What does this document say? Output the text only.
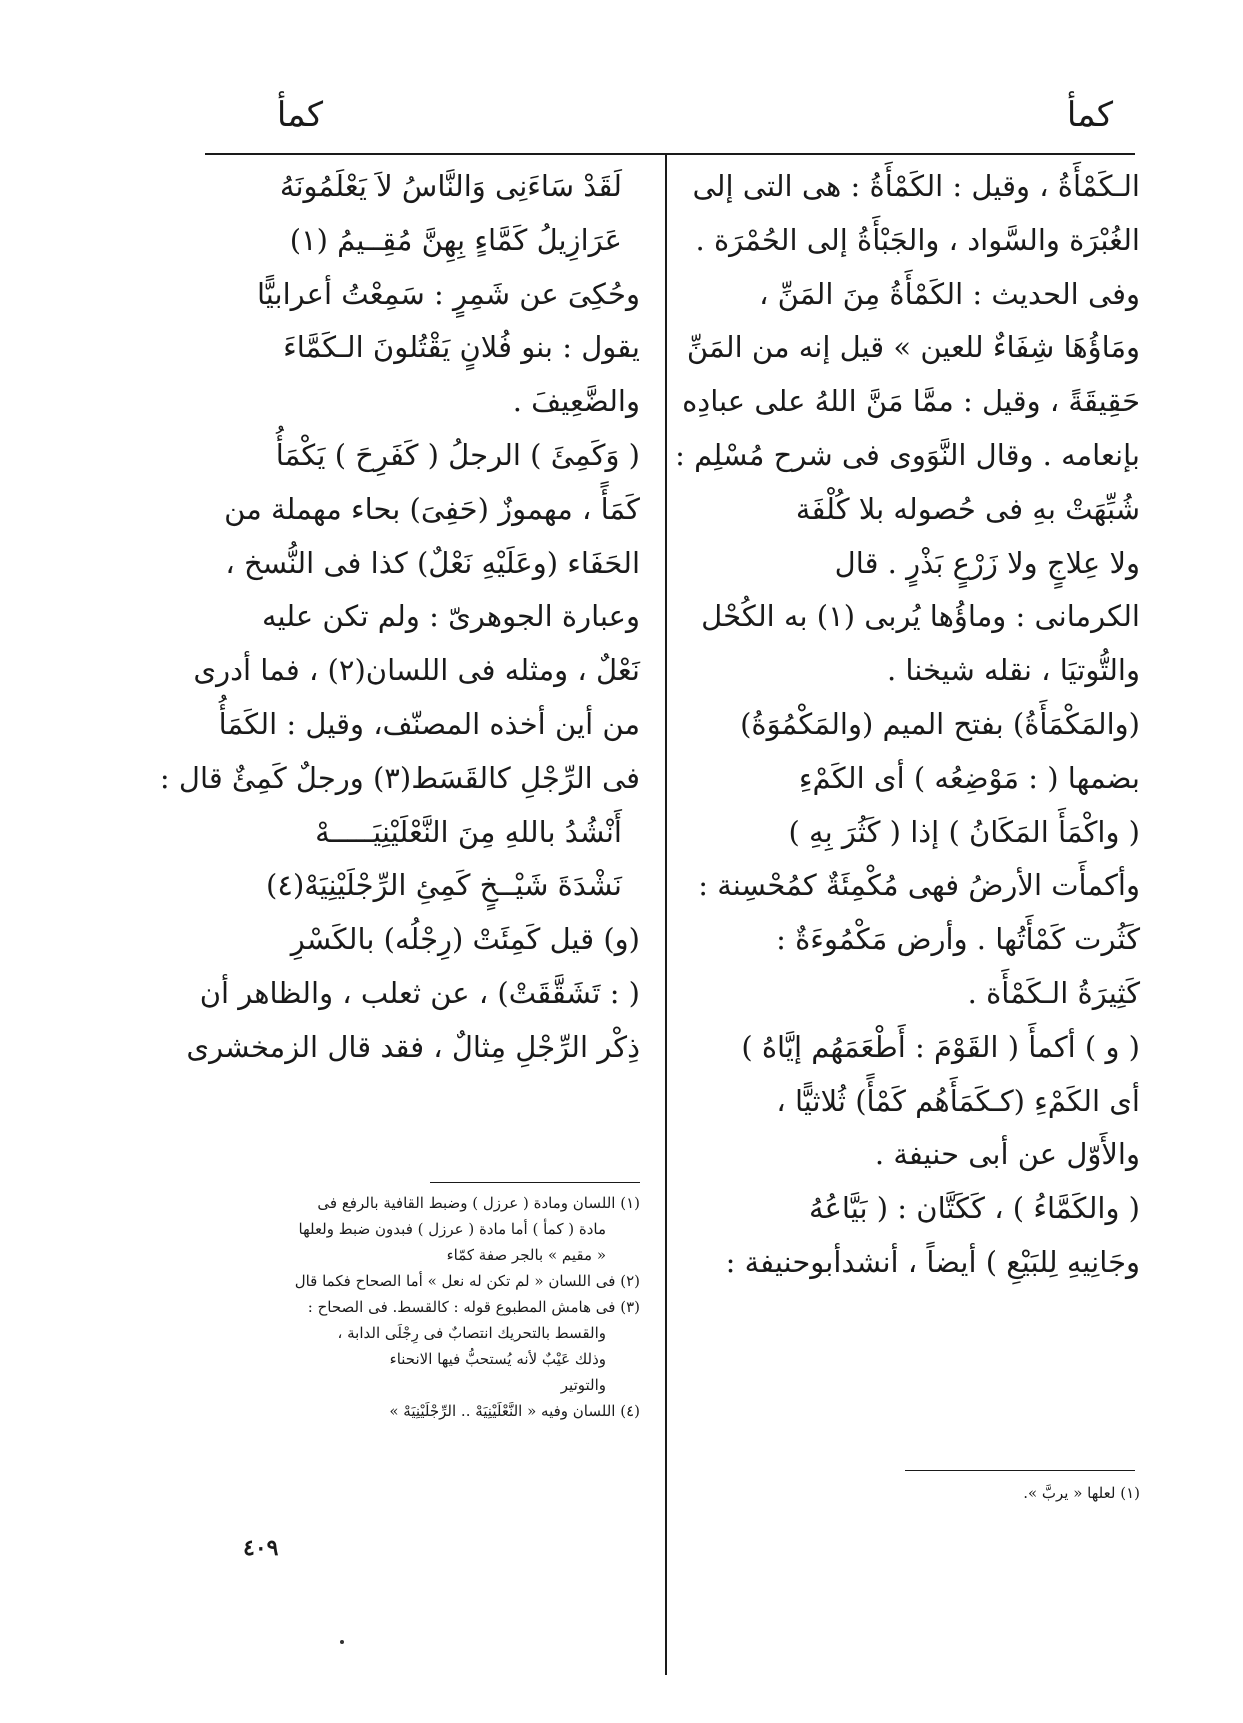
كمأ
كمأ
الـكَمْأَةُ ، وقيل : الكَمْأَةُ : هى التى إلى
الغُبْرَة والسَّواد ، والجَبْأَةُ إلى الحُمْرَة .
وفى الحديث : الكَمْأَةُ مِنَ المَنِّ ،
ومَاؤُهَا شِفَاءٌ للعين » قيل إنه من المَنِّ
حَقِيقَةً ، وقيل : ممَّا مَنَّ اللهُ على عبادِه
بإنعامه . وقال النَّوَوى فى شرح مُسْلِم :
شُبِّهَتْ بهِ فى حُصوله بلا كُلْفَة
ولا عِلاجٍ ولا زَرْعٍ بَذْرٍ . قال
الكرمانى : وماؤُها يُربى (١) به الكُحْل
والتُّوتيَا ، نقله شيخنا .
(والمَكْمَأَةُ) بفتح الميم (والمَكْمُوَةُ)
بضمها ( : مَوْضِعُه ) أى الكَمْءِ
( واكْمَأَ المَكَانُ ) إذا ( كَثُرَ بِهِ )
وأكمأَت الأرضُ فهى مُكْمِئَةٌ كمُحْسِنة :
كَثُرت كَمْأَتُها . وأرض مَكْمُوءَةٌ :
كَثِيرَةُ الـكَمْأَة .
( و ) أكمأَ ( القَوْمَ : أَطْعَمَهُم إيَّاهُ )
أى الكَمْءِ (كـكَمَأَهُم كَمْأً) ثُلاثيًّا ،
والأَوّل عن أبى حنيفة .
( والكَمَّاءُ ) ، كَكَتَّان : ( بَيَّاعُهُ
وجَانِيهِ لِلبَيْعِ ) أيضاً ، أنشدأبوحنيفة :
لَقَدْ سَاءَنِى وَالنَّاسُ لاَ يَعْلَمُونَهُ
عَرَازِيلُ كَمَّاءٍ بِهِنَّ مُقِــيمُ (١)
وحُكِىَ عن شَمِرٍ : سَمِعْتُ أعرابيًّا
يقول : بنو فُلانٍ يَقْتُلونَ الـكَمَّاءَ
والضَّعِيفَ .
( وَكَمِئَ ) الرجلُ ( كَفَرِحَ ) يَكْمَأُ
كَمَأً ، مهموزٌ (حَفِىَ) بحاء مهملة من
الحَفَاء (وعَلَيْهِ نَعْلٌ) كذا فى النُّسخ ،
وعبارة الجوهرىّ : ولم تكن عليه
نَعْلٌ ، ومثله فى اللسان(٢) ، فما أدرى
من أين أخذه المصنّف، وقيل : الكَمَأُ
فى الرِّجْلِ كالقَسَط(٣) ورجلٌ كَمِئٌ قال :
أَنْشُدُ باللهِ مِنَ النَّعْلَيْنِيَـــــهْ
نَشْدَةَ شَيْــخٍ كَمِئِ الرِّجْلَيْنِيَهْ(٤)
(و) قيل كَمِئَتْ (رِجْلُه) بالكَسْرِ
( : تَشَقَّقَتْ) ، عن ثعلب ، والظاهر أن
ذِكْر الرِّجْلِ مِثالٌ ، فقد قال الزمخشرى
(١) اللسان ومادة ( عرزل ) وضبط القافية بالرفع فى
مادة ( كمأ ) أما مادة ( عرزل ) فبدون ضبط ولعلها
« مقيم » بالجر صفة كمّاء
(٢) فى اللسان « لم تكن له نعل » أما الصحاح فكما قال
(٣) فى هامش المطبوع قوله : كالقسط. فى الصحاح :
والقسط بالتحريك انتصابٌ فى رِجْلَى الدابة ،
وذلك عَيْبٌ لأنه يُستحبُّ فيها الانحناء
والتوتير
(٤) اللسان وفيه « النَّعْلَيْنِيَهْ .. الرِّجْلَيْنِيَهْ »
(١) لعلها « يربَّ ».
٤٠٩
